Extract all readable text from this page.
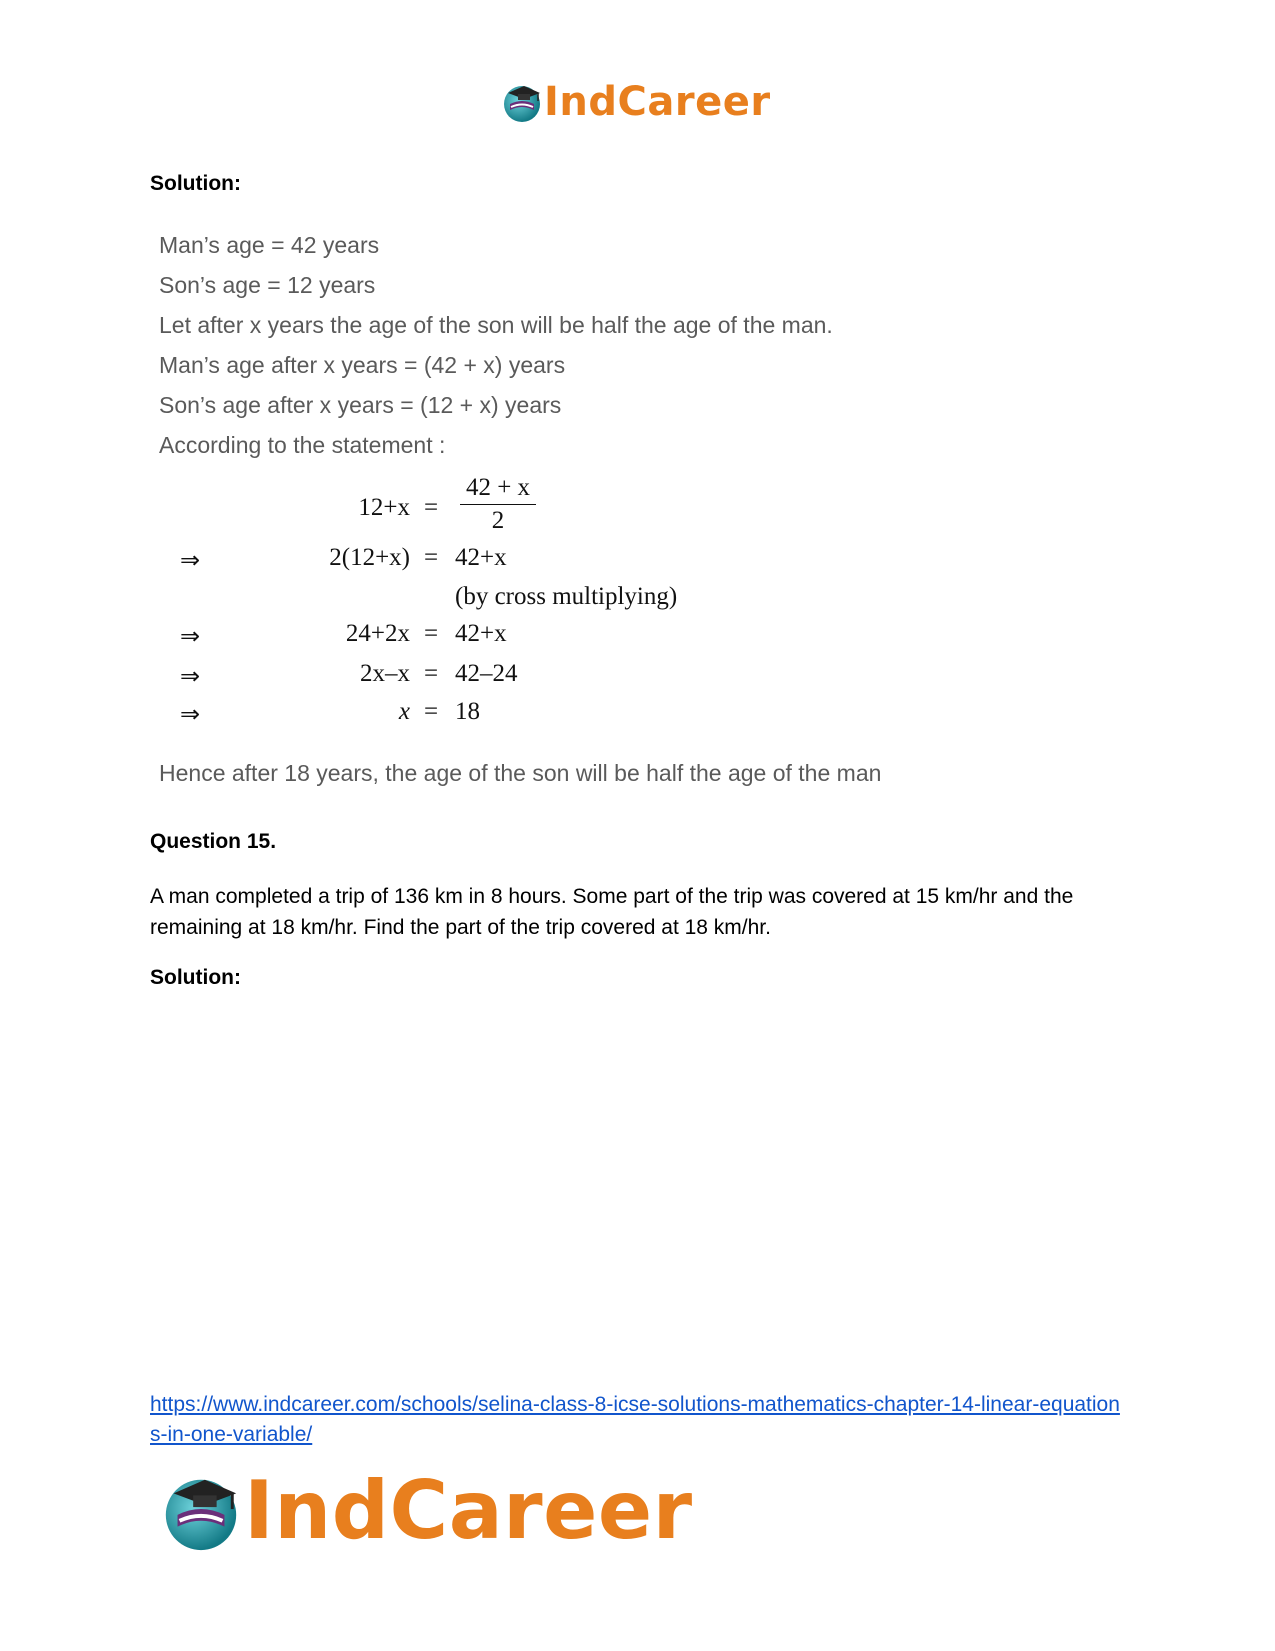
IndCareer
Solution:
Man’s age = 42 years
Son’s age = 12 years
Let after x years the age of the son will be half the age of the man.
Man’s age after x years = (42 + x) years
Son’s age after x years = (12 + x) years
According to the statement :
$12+x = \frac{42 + x}{2}$
⇒	2(12+x) = 42+x
(by cross multiplying)
⇒	24+2x = 42+x
⇒	2x–x = 42–24
⇒	x = 18
Hence after 18 years, the age of the son will be half the age of the man
Question 15.
A man completed a trip of 136 km in 8 hours. Some part of the trip was covered at 15 km/hr and the remaining at 18 km/hr. Find the part of the trip covered at 18 km/hr.
Solution:
https://www.indcareer.com/schools/selina-class-8-icse-solutions-mathematics-chapter-14-linear-equations-in-one-variable/
IndCareer
